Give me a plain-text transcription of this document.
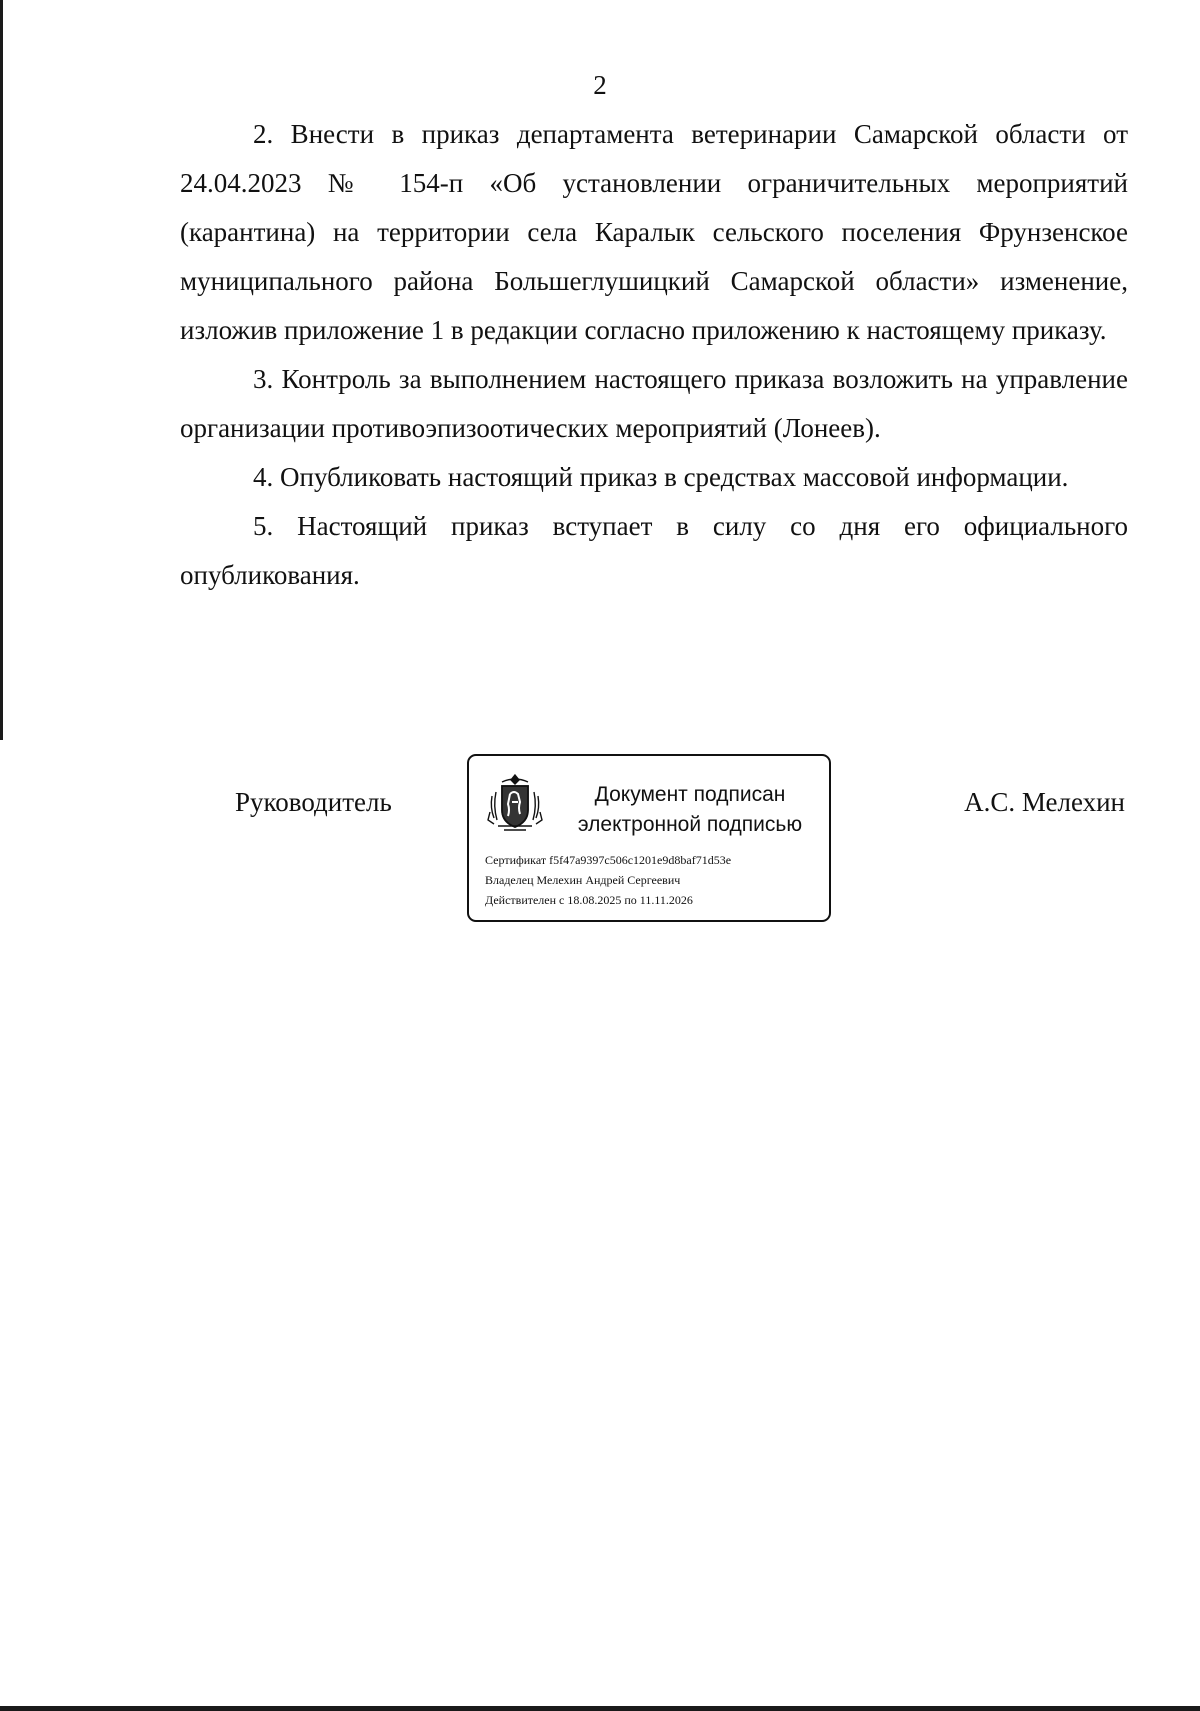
2

2. Внести в приказ департамента ветеринарии Самарской области от 24.04.2023 № 154-п «Об установлении ограничительных мероприятий (карантина) на территории села Каралык сельского поселения Фрунзенское муниципального района Большеглушицкий Самарской области» изменение, изложив приложение 1 в редакции согласно приложению к настоящему приказу.

3. Контроль за выполнением настоящего приказа возложить на управление организации противоэпизоотических мероприятий (Лонеев).

4. Опубликовать настоящий приказ в средствах массовой информации.

5. Настоящий приказ вступает в силу со дня его официального опубликования.

Руководитель	Документ подписан
электронной подписью
Сертификат f5f47a9397c506c1201e9d8baf71d53e
Владелец Мелехин Андрей Сергеевич
Действителен с 18.08.2025 по 11.11.2026
А.С. Мелехин
